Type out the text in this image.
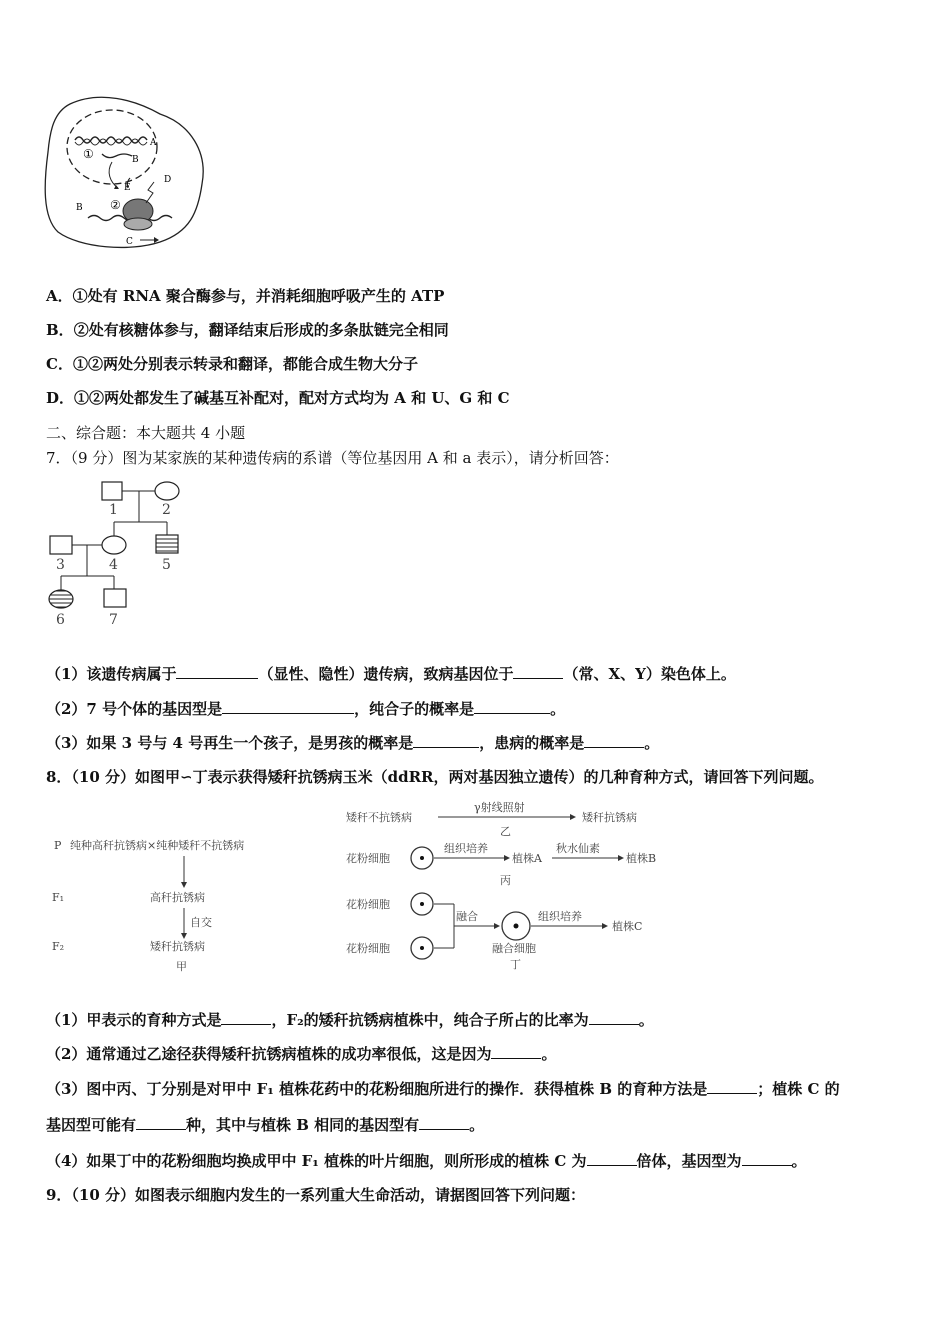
①
②
A
B
B
C
D
E
A．①处有 RNA 聚合酶参与，并消耗细胞呼吸产生的 ATP
B．②处有核糖体参与，翻译结束后形成的多条肽链完全相同
C．①②两处分别表示转录和翻译，都能合成生物大分子
D．①②两处都发生了碱基互补配对，配对方式均为 A 和 U、G 和 C
二、综合题：本大题共 4 小题
7．（9 分）图为某家族的某种遗传病的系谱（等位基因用 A 和 a 表示），请分析回答：
1	2
3	4	5
6	7
（1）该遗传病属于	（显性、隐性）遗传病，致病基因位于	（常、X、Y）染色体上。
（2）7 号个体的基因型是	，纯合子的概率是	。
（3）如果 3 号与 4 号再生一个孩子，是男孩的概率是	，患病的概率是	。
8．（10 分）如图甲∽丁表示获得矮秆抗锈病玉米（ddRR，两对基因独立遗传）的几种育种方式，请回答下列问题。
P 纯种高秆抗锈病×纯种矮秆不抗锈病
F₁	高秆抗锈病
自交
F₂	矮秆抗锈病
甲
矮秆不抗锈病
γ射线照射
矮秆抗锈病
乙
花粉细胞
组织培养
植株A
秋水仙素
植株B
丙
花粉细胞
花粉细胞
融合	组织培养
植株C
融合细胞
丁
（1）甲表示的育种方式是	，F₂的矮秆抗锈病植株中，纯合子所占的比率为	。
（2）通常通过乙途径获得矮秆抗锈病植株的成功率很低，这是因为	。
（3）图中丙、丁分别是对甲中 F₁ 植株花药中的花粉细胞所进行的操作．获得植株 B 的育种方法是	；植株 C 的
基因型可能有	种，其中与植株 B 相同的基因型有	。
（4）如果丁中的花粉细胞均换成甲中 F₁ 植株的叶片细胞，则所形成的植株 C 为	倍体，基因型为	。
9．（10 分）如图表示细胞内发生的一系列重大生命活动，请据图回答下列问题：
